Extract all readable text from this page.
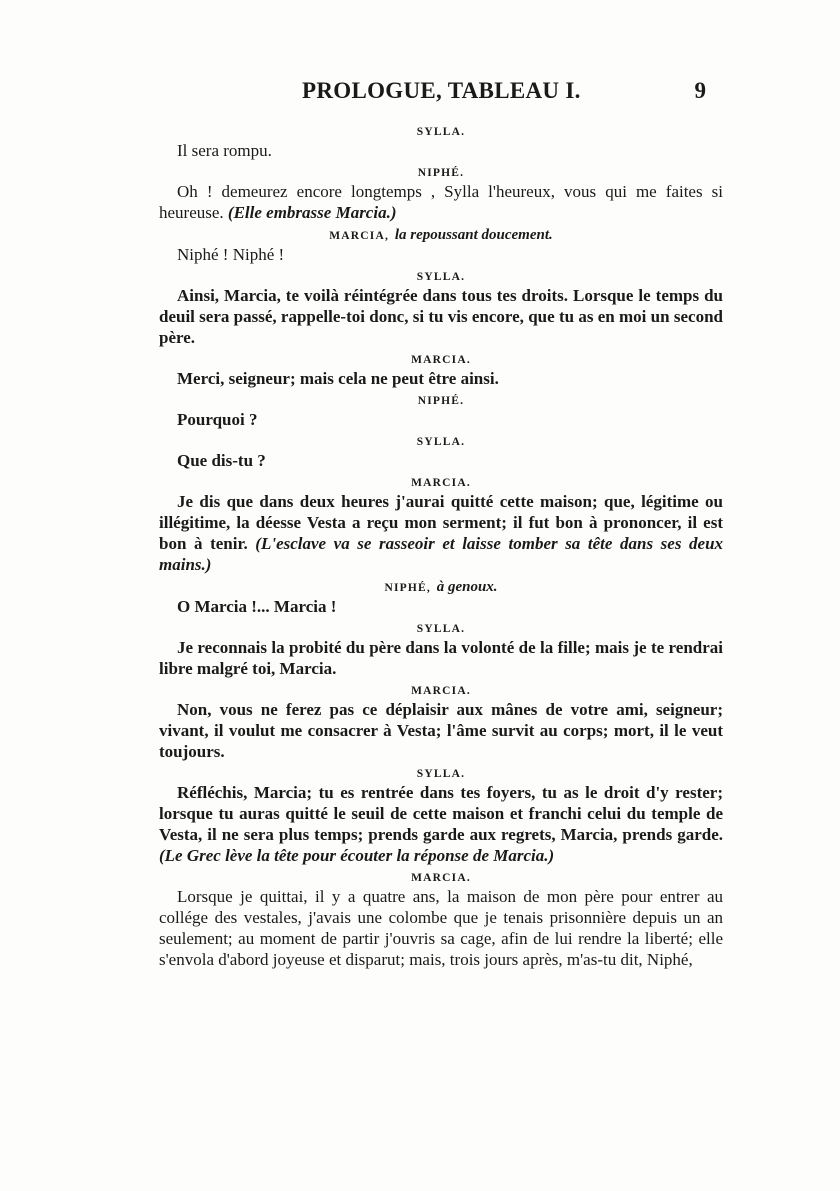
PROLOGUE, TABLEAU I.	9
SYLLA.

Il sera rompu.

NIPHÉ.

Oh ! demeurez encore longtemps , Sylla l'heureux, vous qui me faites si heureuse. (Elle embrasse Marcia.)

MARCIA, la repoussant doucement.

Niphé ! Niphé !

SYLLA.

Ainsi, Marcia, te voilà réintégrée dans tous tes droits. Lorsque le temps du deuil sera passé, rappelle-toi donc, si tu vis encore, que tu as en moi un second père.

MARCIA.

Merci, seigneur; mais cela ne peut être ainsi.

NIPHÉ.

Pourquoi ?

SYLLA.

Que dis-tu ?

MARCIA.

Je dis que dans deux heures j'aurai quitté cette maison; que, légitime ou illégitime, la déesse Vesta a reçu mon serment; il fut bon à prononcer, il est bon à tenir. (L'esclave va se rasseoir et laisse tomber sa tête dans ses deux mains.)

NIPHÉ, à genoux.

O Marcia !... Marcia !

SYLLA.

Je reconnais la probité du père dans la volonté de la fille; mais je te rendrai libre malgré toi, Marcia.

MARCIA.

Non, vous ne ferez pas ce déplaisir aux mânes de votre ami, seigneur; vivant, il voulut me consacrer à Vesta; l'âme survit au corps; mort, il le veut toujours.

SYLLA.

Réfléchis, Marcia; tu es rentrée dans tes foyers, tu as le droit d'y rester; lorsque tu auras quitté le seuil de cette maison et franchi celui du temple de Vesta, il ne sera plus temps; prends garde aux regrets, Marcia, prends garde. (Le Grec lève la tête pour écouter la réponse de Marcia.)

MARCIA.

Lorsque je quittai, il y a quatre ans, la maison de mon père pour entrer au collége des vestales, j'avais une colombe que je tenais prisonnière depuis un an seulement; au moment de partir j'ouvris sa cage, afin de lui rendre la liberté; elle s'envola d'abord joyeuse et disparut; mais, trois jours après, m'as-tu dit, Niphé,
